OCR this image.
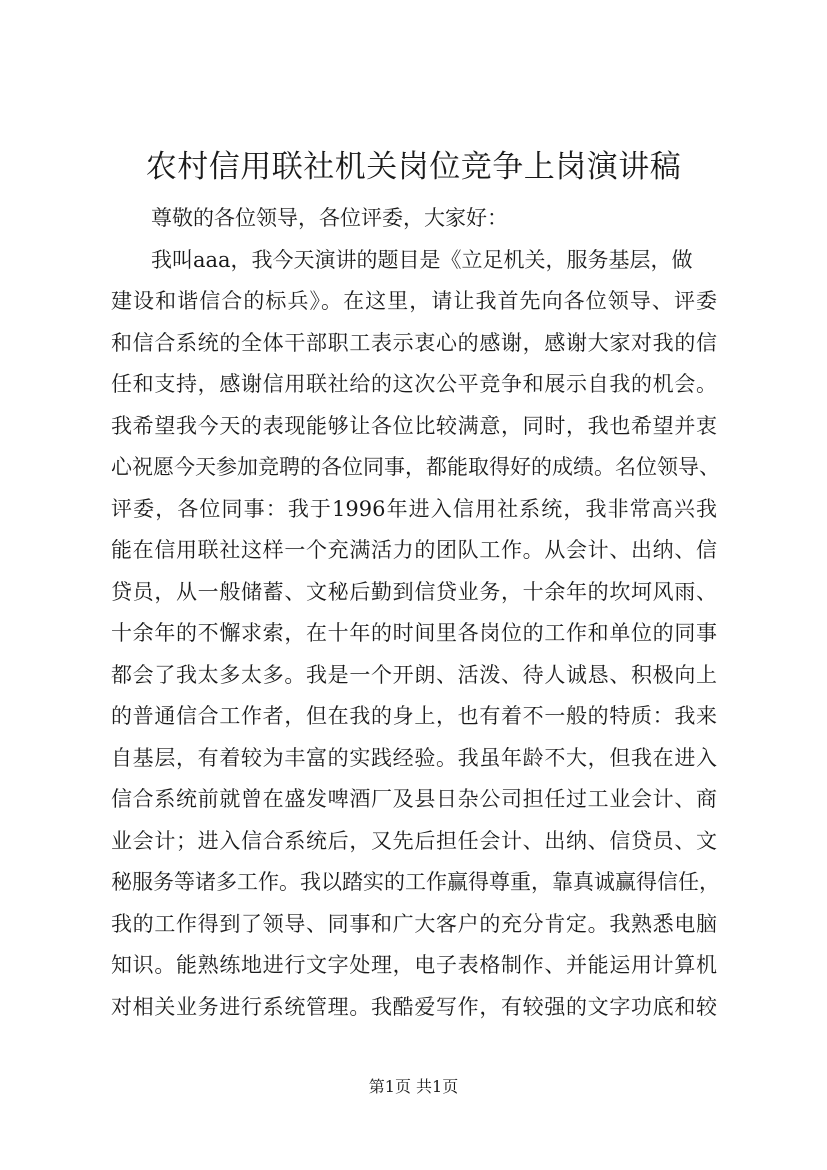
农村信用联社机关岗位竞争上岗演讲稿
尊敬的各位领导，各位评委，大家好：
我叫aaa，我今天演讲的题目是《立足机关，服务基层，做
建设和谐信合的标兵》。在这里，请让我首先向各位领导、评委
和信合系统的全体干部职工表示衷心的感谢，感谢大家对我的信
任和支持，感谢信用联社给的这次公平竞争和展示自我的机会。
我希望我今天的表现能够让各位比较满意，同时，我也希望并衷
心祝愿今天参加竞聘的各位同事，都能取得好的成绩。名位领导、
评委，各位同事：我于1996年进入信用社系统，我非常高兴我
能在信用联社这样一个充满活力的团队工作。从会计、出纳、信
贷员，从一般储蓄、文秘后勤到信贷业务，十余年的坎坷风雨、
十余年的不懈求索，在十年的时间里各岗位的工作和单位的同事
都会了我太多太多。我是一个开朗、活泼、待人诚恳、积极向上
的普通信合工作者，但在我的身上，也有着不一般的特质：我来
自基层，有着较为丰富的实践经验。我虽年龄不大，但我在进入
信合系统前就曾在盛发啤酒厂及县日杂公司担任过工业会计、商
业会计；进入信合系统后，又先后担任会计、出纳、信贷员、文
秘服务等诸多工作。我以踏实的工作赢得尊重，靠真诚赢得信任，
我的工作得到了领导、同事和广大客户的充分肯定。我熟悉电脑
知识。能熟练地进行文字处理，电子表格制作、并能运用计算机
对相关业务进行系统管理。我酷爱写作，有较强的文字功底和较
第1页 共1页
